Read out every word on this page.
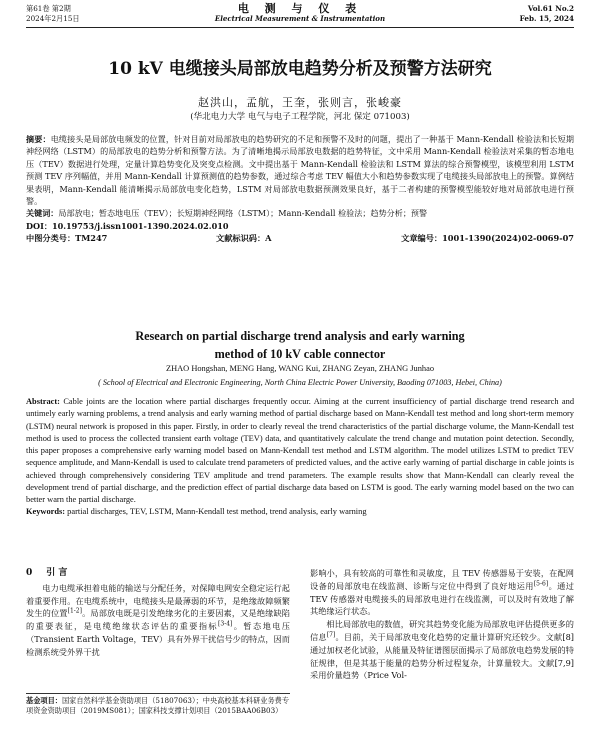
第61卷 第2期
2024年2月15日
电 测 与 仪 表
Electrical Measurement & Instrumentation
Vol.61 No.2
Feb. 15, 2024
10 kV 电缆接头局部放电趋势分析及预警方法研究
赵洪山，孟航，王奎，张则言，张峻豪
(华北电力大学 电气与电子工程学院，河北 保定 071003)
摘要：电缆接头是局部放电频发的位置，针对目前对局部放电的趋势研究的不足和预警不及时的问题，提出了一种基于 Mann-Kendall 检验法和长短期神经网络（LSTM）的局部放电的趋势分析和预警方法。为了清晰地揭示局部放电数据的趋势特征，文中采用 Mann-Kendall 检验法对采集的暂态地电压（TEV）数据进行处理，定量计算趋势变化及突变点检测。文中提出基于 Mann-Kendall 检验法和 LSTM 算法的综合预警模型，该模型利用 LSTM 预测 TEV 序列幅值，并用 Mann-Kendall 计算预测值的趋势参数，通过综合考虑 TEV 幅值大小和趋势参数实现了电缆接头局部放电上的预警。算例结果表明，Mann-Kendall 能清晰揭示局部放电变化趋势，LSTM 对局部放电数据预测效果良好，基于二者构建的预警模型能较好地对局部放电进行预警。
关键词：局部放电；暂态地电压（TEV）；长短期神经网络（LSTM）；Mann-Kendall 检验法；趋势分析；预警
DOI：10.19753/j.issn1001-1390.2024.02.010
中图分类号：TM247	文献标识码：A	文章编号：1001-1390(2024)02-0069-07
Research on partial discharge trend analysis and early warning method of 10 kV cable connector
ZHAO Hongshan, MENG Hang, WANG Kui, ZHANG Zeyan, ZHANG Junhao
( School of Electrical and Electronic Engineering, North China Electric Power University, Baoding 071003, Hebei, China)
Abstract: Cable joints are the location where partial discharges frequently occur. Aiming at the current insufficiency of partial discharge trend research and untimely early warning problems, a trend analysis and early warning method of partial discharge based on Mann-Kendall test method and long short-term memory (LSTM) neural network is proposed in this paper. Firstly, in order to clearly reveal the trend characteristics of the partial discharge volume, the Mann-Kendall test method is used to process the collected transient earth voltage (TEV) data, and quantitatively calculate the trend change and mutation point detection. Secondly, this paper proposes a comprehensive early warning model based on Mann-Kendall test method and LSTM algorithm. The model utilizes LSTM to predict TEV sequence amplitude, and Mann-Kendall is used to calculate trend parameters of predicted values, and the active early warning of partial discharge in cable joints is achieved through comprehensively considering TEV amplitude and trend parameters. The example results show that Mann-Kendall can clearly reveal the development trend of partial discharge, and the prediction effect of partial discharge data based on LSTM is good. The early warning model based on the two can better warn the partial discharge.
Keywords: partial discharges, TEV, LSTM, Mann-Kendall test method, trend analysis, early warning
0 引 言

电力电缆承担着电能的输送与分配任务，对保障电网安全稳定运行起着重要作用。在电缆系统中，电缆接头是最薄弱的环节，是绝缘故障频繁发生的位置[1-2]。局部放电既是引发绝缘劣化的主要因素，又是绝缘缺陷的重要表征，是电缆绝缘状态评估的重要指标[3-4]。暂态地电压（Transient Earth Voltage，TEV）具有外界干扰信号少的特点，因而检测系统受外界干扰

影响小，具有较高的可靠性和灵敏度，且 TEV 传感器易于安装，在配网设备的局部放电在线监测、诊断与定位中得到了良好地运用[5-6]。通过 TEV 传感器对电缆接头的局部放电进行在线监测，可以及时有效地了解其绝缘运行状态。

相比局部放电的数值，研究其趋势变化能为局部放电评估提供更多的信息[7]。目前，关于局部放电变化趋势的定量计算研究还较少。文献[8]通过加权老化试验，从能量及特征谱图层面揭示了局部放电趋势发展的特征规律，但是其基于能量的趋势分析过程复杂，计算量较大。文献[7,9]采用价量趋势（Price Vol-

基金项目：国家自然科学基金资助项目（51807063）；中央高校基本科研业务费专项资金资助项目（2019MS081）；国家科技支撑计划项目（2015BAA06B03）
